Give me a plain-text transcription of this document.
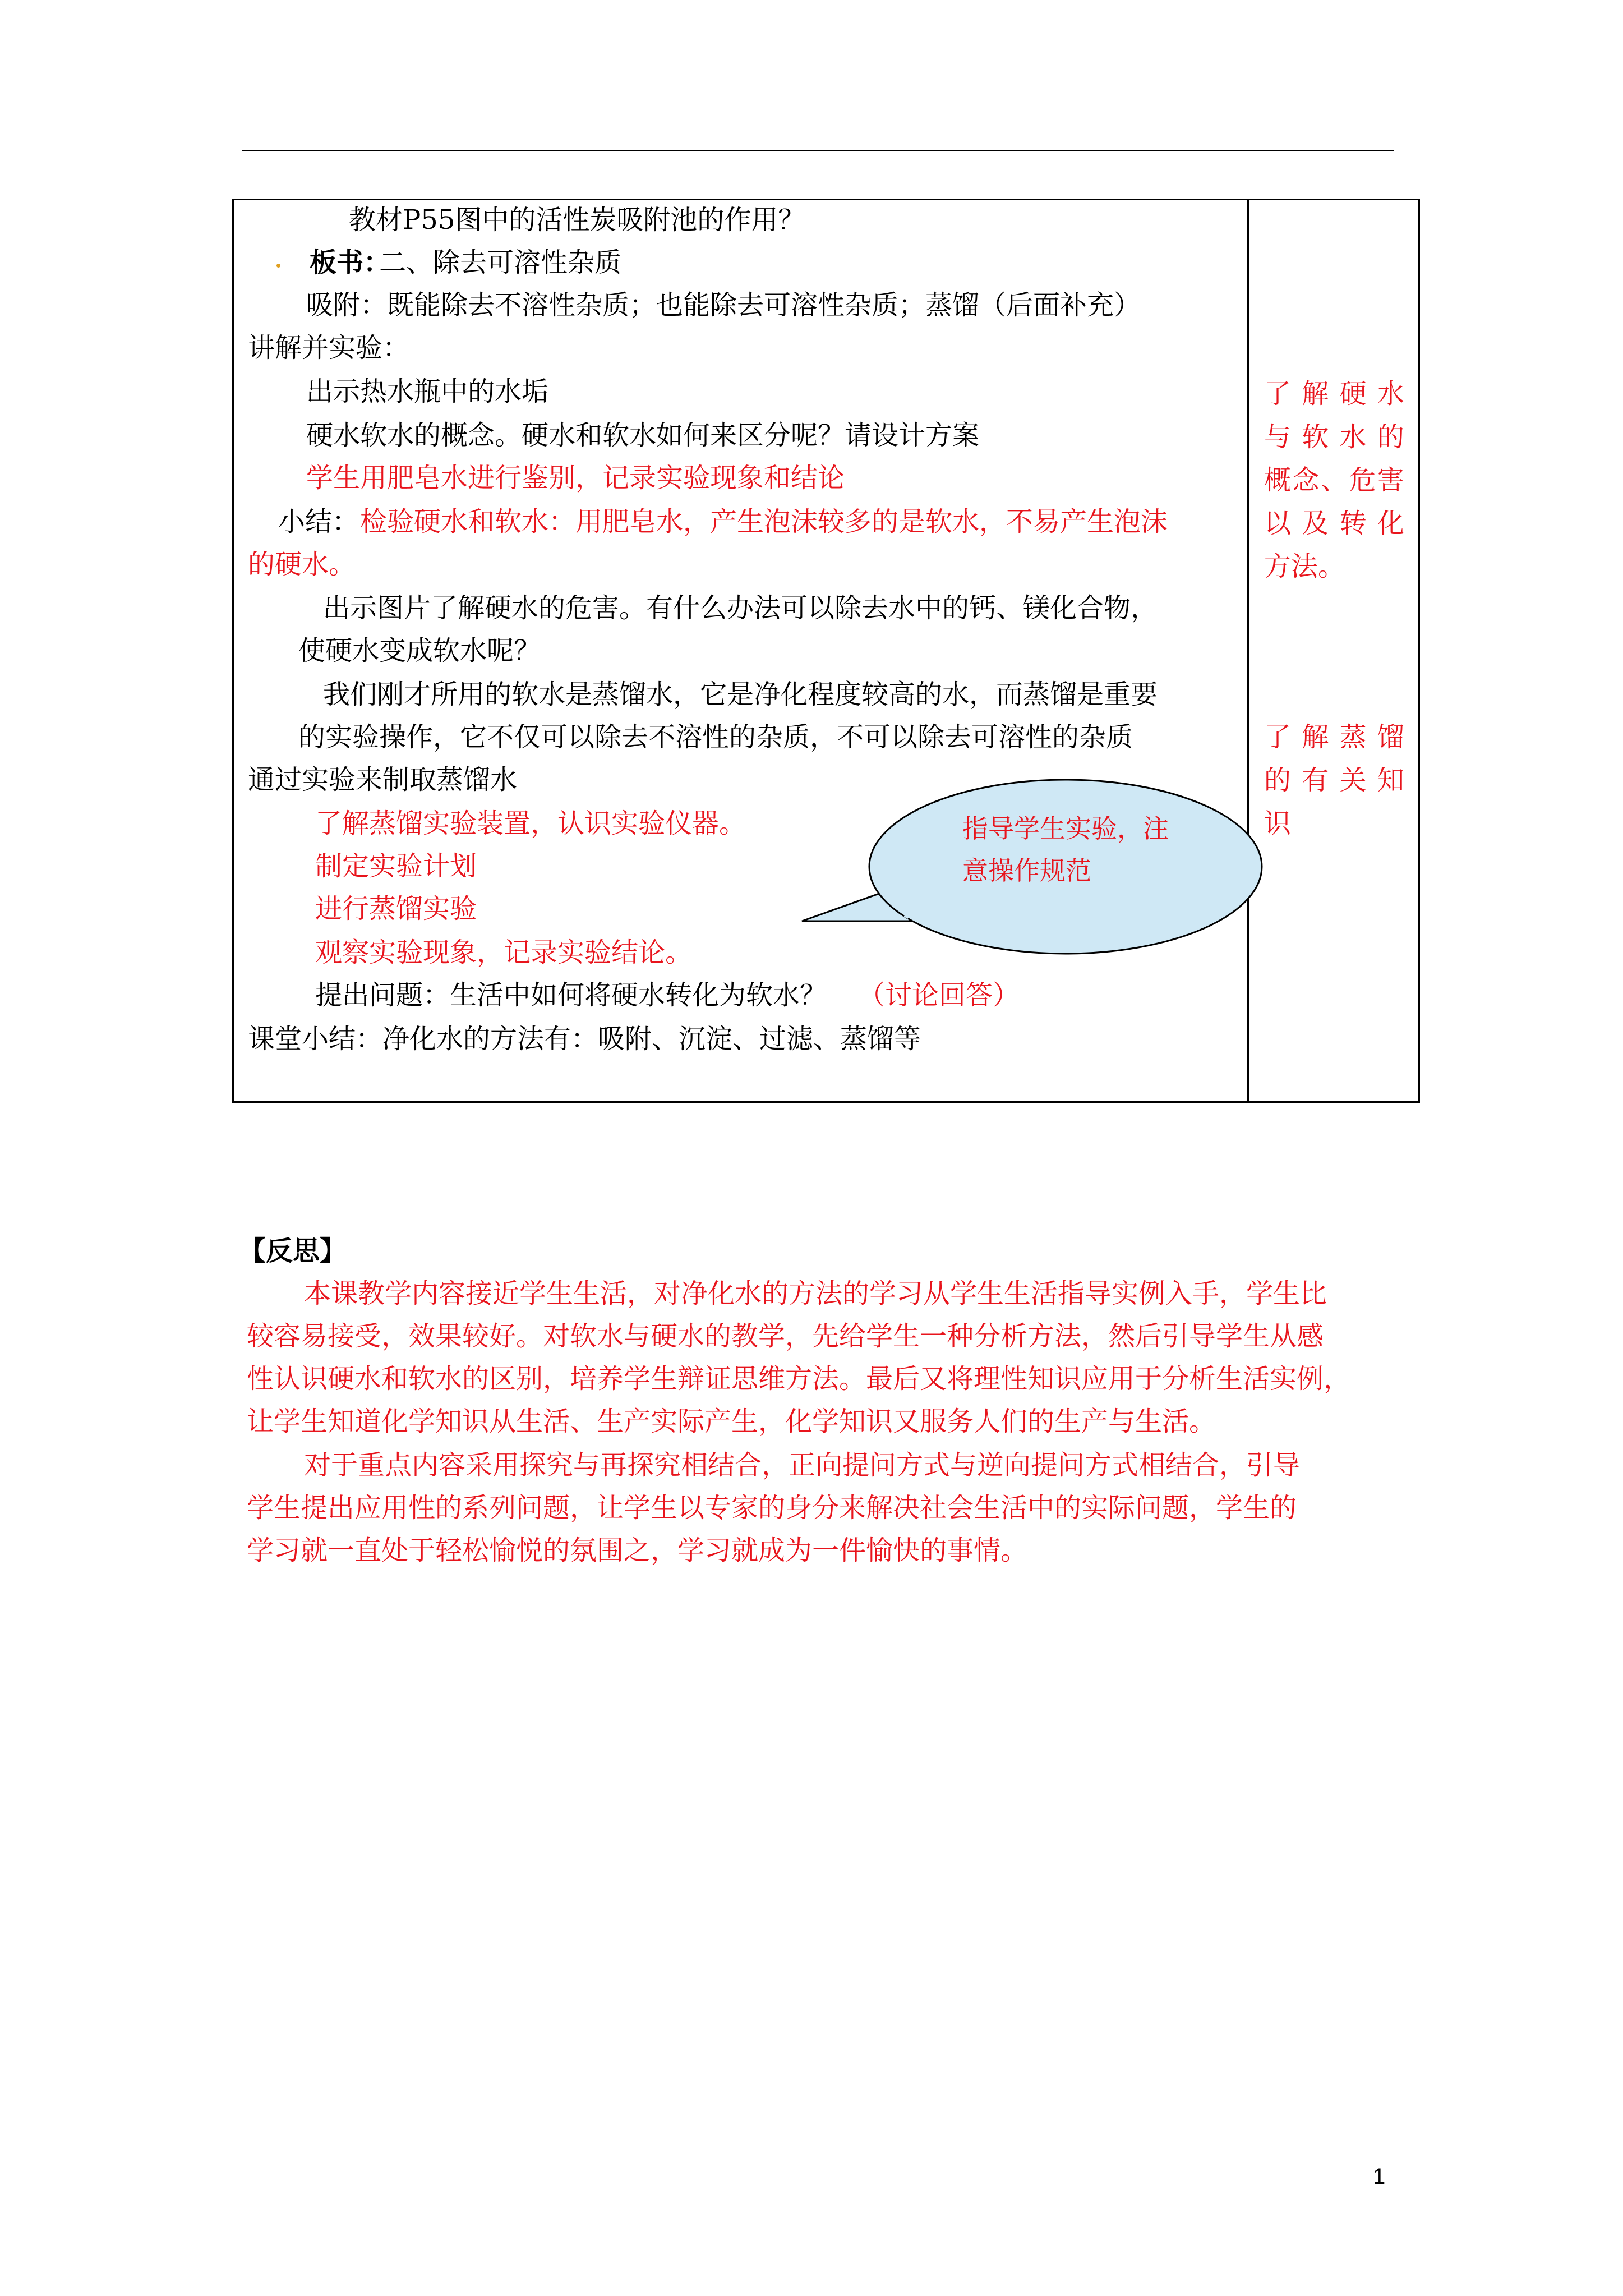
教材P55图中的活性炭吸附池的作用？
板书：
二、除去可溶性杂质
吸附：既能除去不溶性杂质；也能除去可溶性杂质；蒸馏（后面补充）
讲解并实验：
出示热水瓶中的水垢
硬水软水的概念。硬水和软水如何来区分呢？请设计方案
学生用肥皂水进行鉴别，记录实验现象和结论
小结： 检验硬水和软水：用肥皂水，产生泡沫较多的是软水，不易产生泡沫
的硬水。
出示图片了解硬水的危害。有什么办法可以除去水中的钙、镁化合物，
使硬水变成软水呢？
我们刚才所用的软水是蒸馏水，它是净化程度较高的水，而蒸馏是重要
的实验操作，它不仅可以除去不溶性的杂质，不可以除去可溶性的杂质
通过实验来制取蒸馏水
了解蒸馏实验装置，认识实验仪器。
制定实验计划
进行蒸馏实验
观察实验现象，记录实验结论。
提出问题：生活中如何将硬水转化为软水？ （讨论回答）
课堂小结：净化水的方法有：吸附、沉淀、过滤、蒸馏等
了解硬水
与软水的
概念、危害
以及转化
方法。
了解蒸馏
的有关知
识
指导学生实验，注
意操作规范
【反思】
本课教学内容接近学生生活，对净化水的方法的学习从学生生活指导实例入手，学生比
较容易接受，效果较好。对软水与硬水的教学，先给学生一种分析方法，然后引导学生从感
性认识硬水和软水的区别，培养学生辩证思维方法。最后又将理性知识应用于分析生活实例，
让学生知道化学知识从生活、生产实际产生，化学知识又服务人们的生产与生活。
对于重点内容采用探究与再探究相结合，正向提问方式与逆向提问方式相结合，引导
学生提出应用性的系列问题，让学生以专家的身分来解决社会生活中的实际问题，学生的
学习就一直处于轻松愉悦的氛围之，学习就成为一件愉快的事情。
1
